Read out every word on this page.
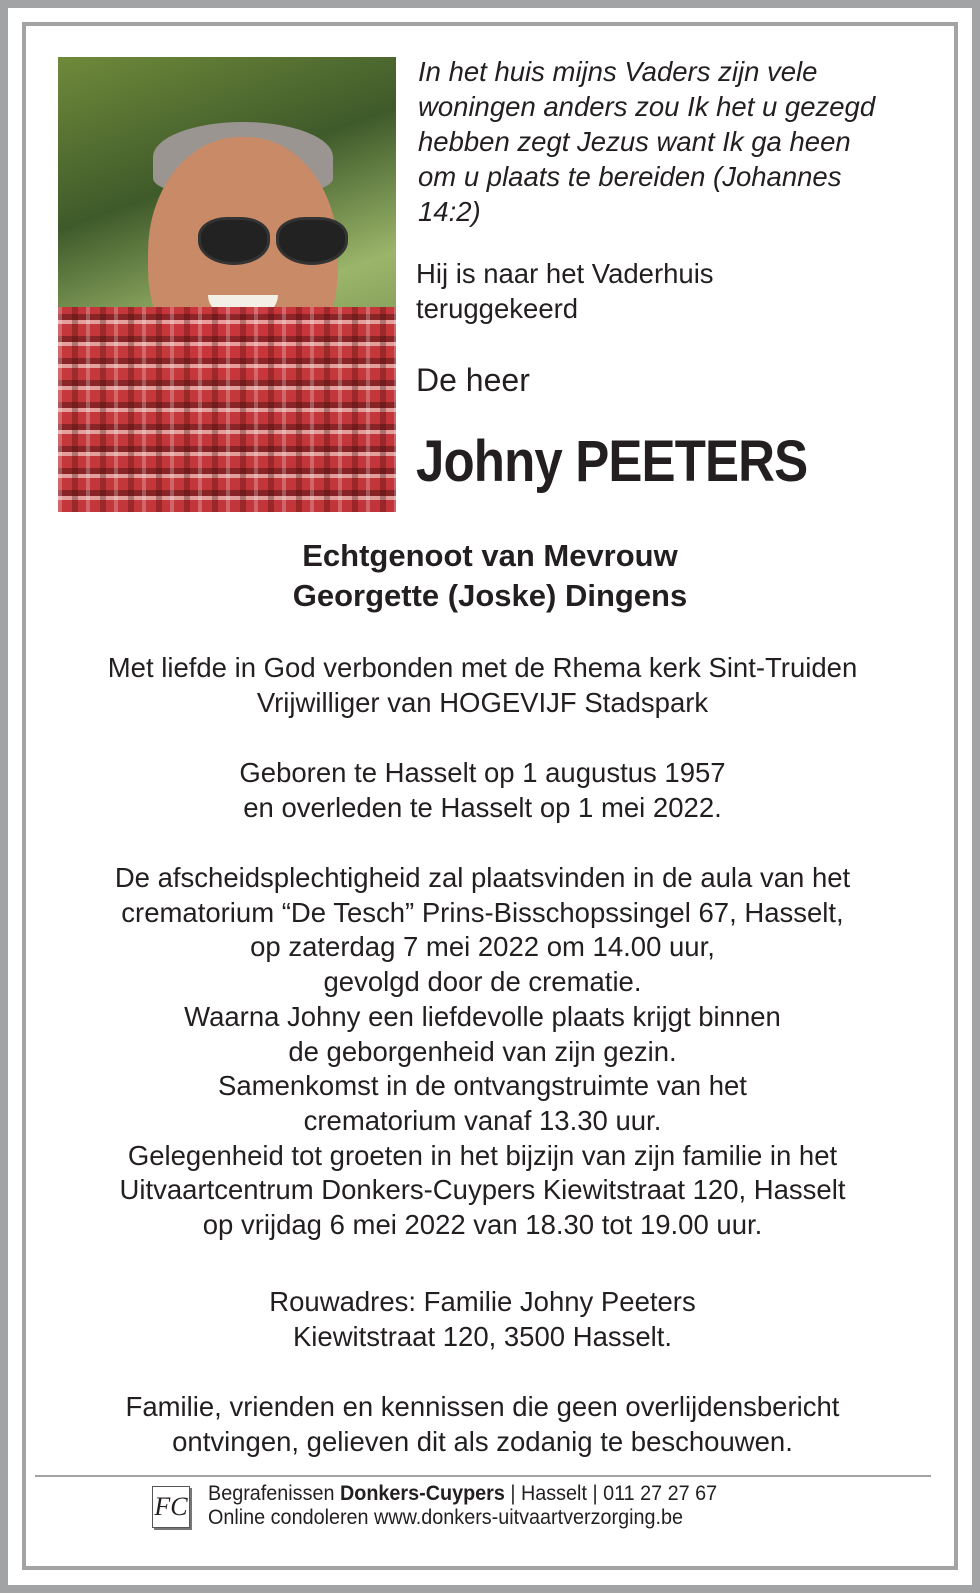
In het huis mijns Vaders zijn vele woningen anders zou Ik het u gezegd hebben zegt Jezus want Ik ga heen om u plaats te bereiden (Johannes 14:2)
Hij is naar het Vaderhuis
teruggekeerd
De heer
Johny PEETERS
Echtgenoot van Mevrouw
Georgette (Joske) Dingens
Met liefde in God verbonden met de Rhema kerk Sint-Truiden
Vrijwilliger van HOGEVIJF Stadspark
Geboren te Hasselt op 1 augustus 1957
en overleden te Hasselt op 1 mei 2022.
De afscheidsplechtigheid zal plaatsvinden in de aula van het
crematorium “De Tesch” Prins-Bisschopssingel 67, Hasselt,
op zaterdag 7 mei 2022 om 14.00 uur,
gevolgd door de crematie.
Waarna Johny een liefdevolle plaats krijgt binnen
de geborgenheid van zijn gezin.
Samenkomst in de ontvangstruimte van het
crematorium vanaf 13.30 uur.
Gelegenheid tot groeten in het bijzijn van zijn familie in het
Uitvaartcentrum Donkers-Cuypers Kiewitstraat 120, Hasselt
op vrijdag 6 mei 2022 van 18.30 tot 19.00 uur.
Rouwadres: Familie Johny Peeters
Kiewitstraat 120, 3500 Hasselt.
Familie, vrienden en kennissen die geen overlijdensbericht
ontvingen, gelieven dit als zodanig te beschouwen.
FC Begrafenissen Donkers-Cuypers | Hasselt | 011 27 27 67
Online condoleren www.donkers-uitvaartverzorging.be
